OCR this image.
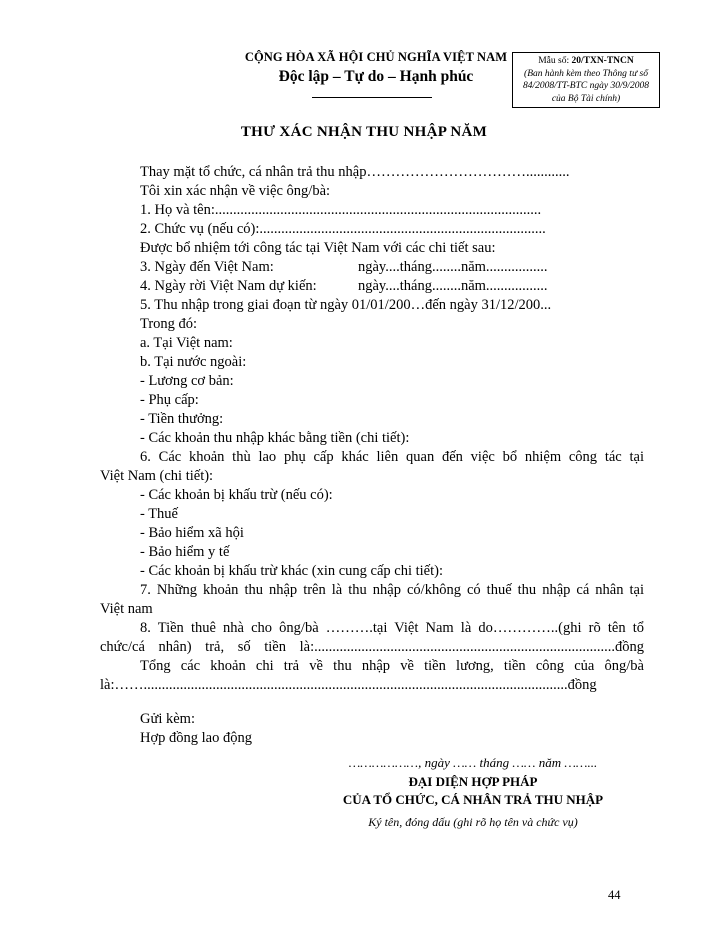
CỘNG HÒA XÃ HỘI CHỦ NGHĨA VIỆT NAM
Độc lập – Tự do – Hạnh phúc
Mẫu số: 20/TXN-TNCN
(Ban hành kèm theo Thông tư số
84/2008/TT-BTC ngày 30/9/2008
của Bộ Tài chính)
THƯ XÁC NHẬN THU NHẬP NĂM
Thay mặt tổ chức, cá nhân trả thu nhập……………………………............
Tôi xin xác nhận về việc ông/bà:
1. Họ và tên:..........................................................................................
2. Chức vụ (nếu có):...............................................................................
Được bổ nhiệm tới công tác tại Việt Nam với các chi tiết sau:
3. Ngày đến Việt Nam:	ngày....tháng........năm.................
4. Ngày rời Việt Nam dự kiến:	ngày....tháng........năm.................
5. Thu nhập trong giai đoạn từ ngày 01/01/200…đến ngày 31/12/200...
Trong đó:
a. Tại Việt nam:
b. Tại nước ngoài:
- Lương cơ bản:
- Phụ cấp:
- Tiền thưởng:
- Các khoản thu nhập khác bằng tiền (chi tiết):
6. Các khoản thù lao phụ cấp khác liên quan đến việc bổ nhiệm công tác tại
Việt Nam (chi tiết):
- Các khoản bị khấu trừ (nếu có):
- Thuế
- Bảo hiểm xã hội
- Bảo hiểm y tế
- Các khoản bị khấu trừ khác (xin cung cấp chi tiết):
7. Những khoản thu nhập trên là thu nhập có/không có thuế thu nhập cá nhân tại
Việt nam
8. Tiền thuê nhà cho ông/bà ……….tại Việt Nam là do…………..(ghi rõ tên tổ
chức/cá nhân) trả, số tiền là:...................................................................................đồng
Tổng các khoản chi trả về thu nhập về tiền lương, tiền công của ông/bà
là:…….....................................................................................................................đồng
Gửi kèm:
Hợp đồng lao động
………………, ngày …… tháng …… năm ……...
ĐẠI DIỆN HỢP PHÁP
CỦA TỔ CHỨC, CÁ NHÂN TRẢ THU NHẬP
Ký tên, đóng dấu (ghi rõ họ tên và chức vụ)
44
